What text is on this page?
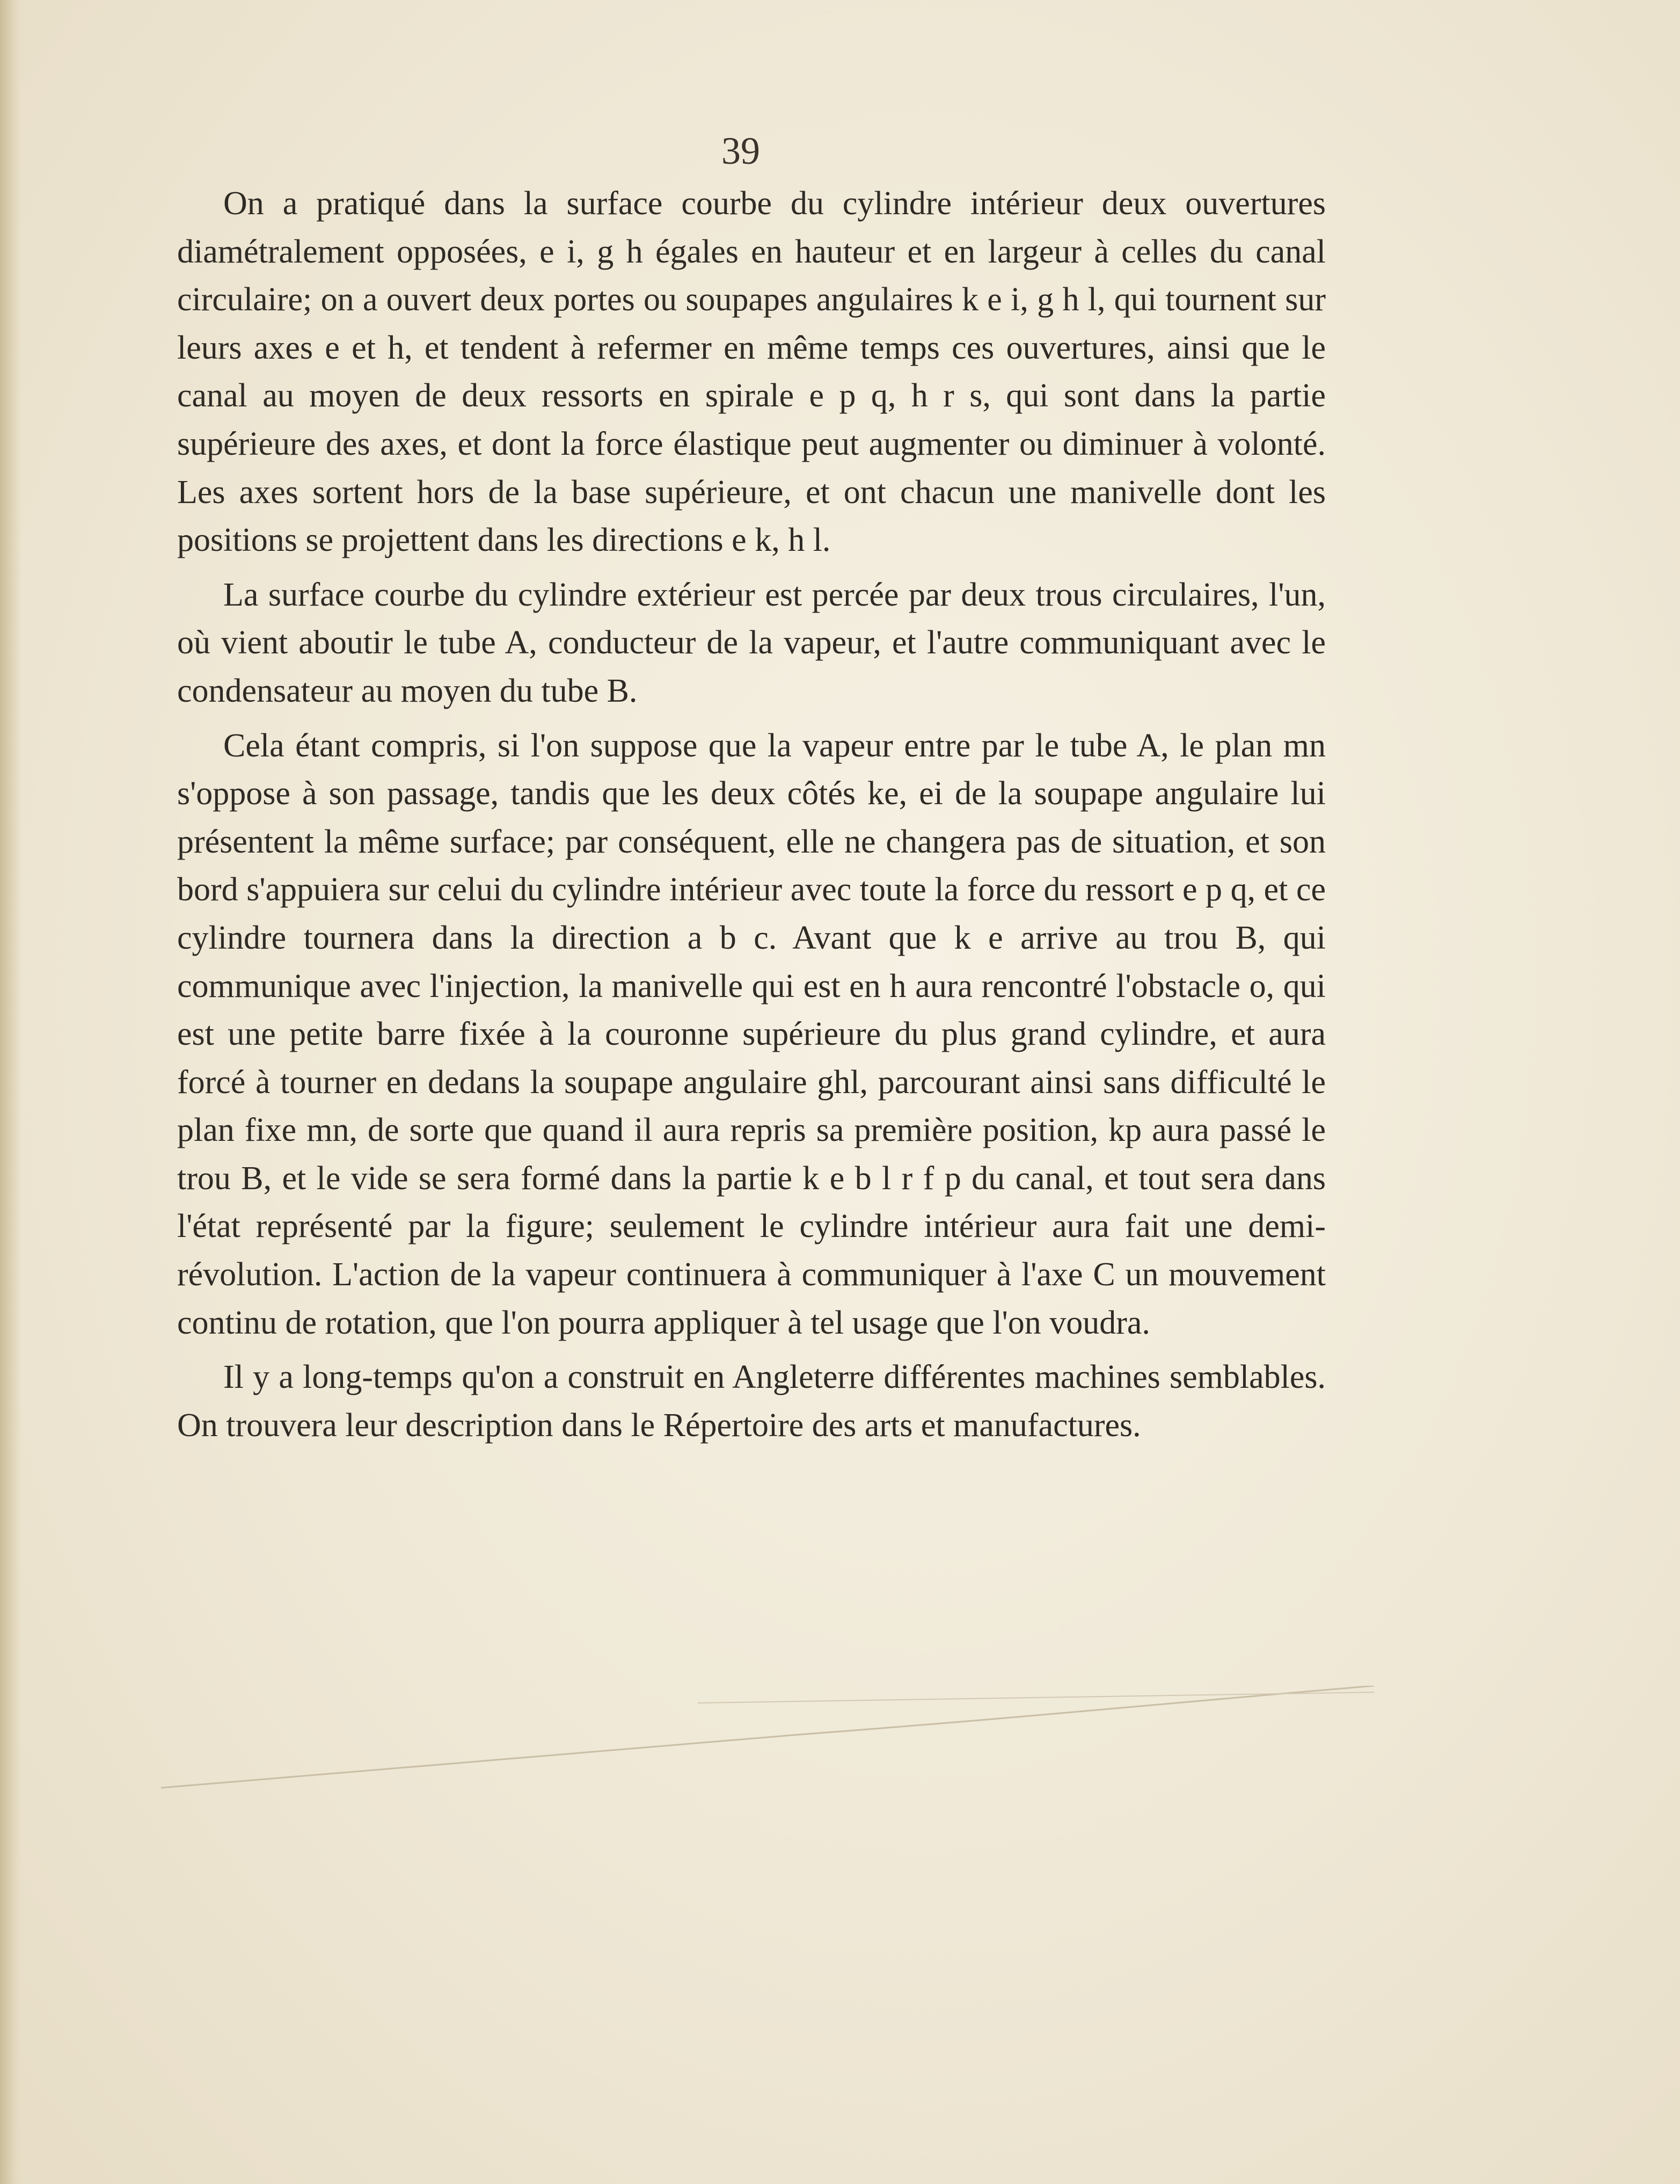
39

On a pratiqué dans la surface courbe du cylindre intérieur deux ouvertures diamétralement opposées, e i, g h égales en hauteur et en largeur à celles du canal circulaire; on a ouvert deux portes ou soupapes angulaires k e i, g h l, qui tournent sur leurs axes e et h, et tendent à refermer en même temps ces ouvertures, ainsi que le canal au moyen de deux ressorts en spirale e p q, h r s, qui sont dans la partie supérieure des axes, et dont la force élastique peut augmenter ou diminuer à volonté. Les axes sortent hors de la base supérieure, et ont chacun une manivelle dont les positions se projettent dans les directions e k, h l.

La surface courbe du cylindre extérieur est percée par deux trous circulaires, l'un, où vient aboutir le tube A, conducteur de la vapeur, et l'autre communiquant avec le condensateur au moyen du tube B.

Cela étant compris, si l'on suppose que la vapeur entre par le tube A, le plan mn s'oppose à son passage, tandis que les deux côtés ke, ei de la soupape angulaire lui présentent la même surface; par conséquent, elle ne changera pas de situation, et son bord s'appuiera sur celui du cylindre intérieur avec toute la force du ressort e p q, et ce cylindre tournera dans la direction a b c. Avant que k e arrive au trou B, qui communique avec l'injection, la manivelle qui est en h aura rencontré l'obstacle o, qui est une petite barre fixée à la couronne supérieure du plus grand cylindre, et aura forcé à tourner en dedans la soupape angulaire ghl, parcourant ainsi sans difficulté le plan fixe mn, de sorte que quand il aura repris sa première position, kp aura passé le trou B, et le vide se sera formé dans la partie k e b l r f p du canal, et tout sera dans l'état représenté par la figure; seulement le cylindre intérieur aura fait une demi-révolution. L'action de la vapeur continuera à communiquer à l'axe C un mouvement continu de rotation, que l'on pourra appliquer à tel usage que l'on voudra.

Il y a long-temps qu'on a construit en Angleterre différentes machines semblables. On trouvera leur description dans le Répertoire des arts et manufactures.
